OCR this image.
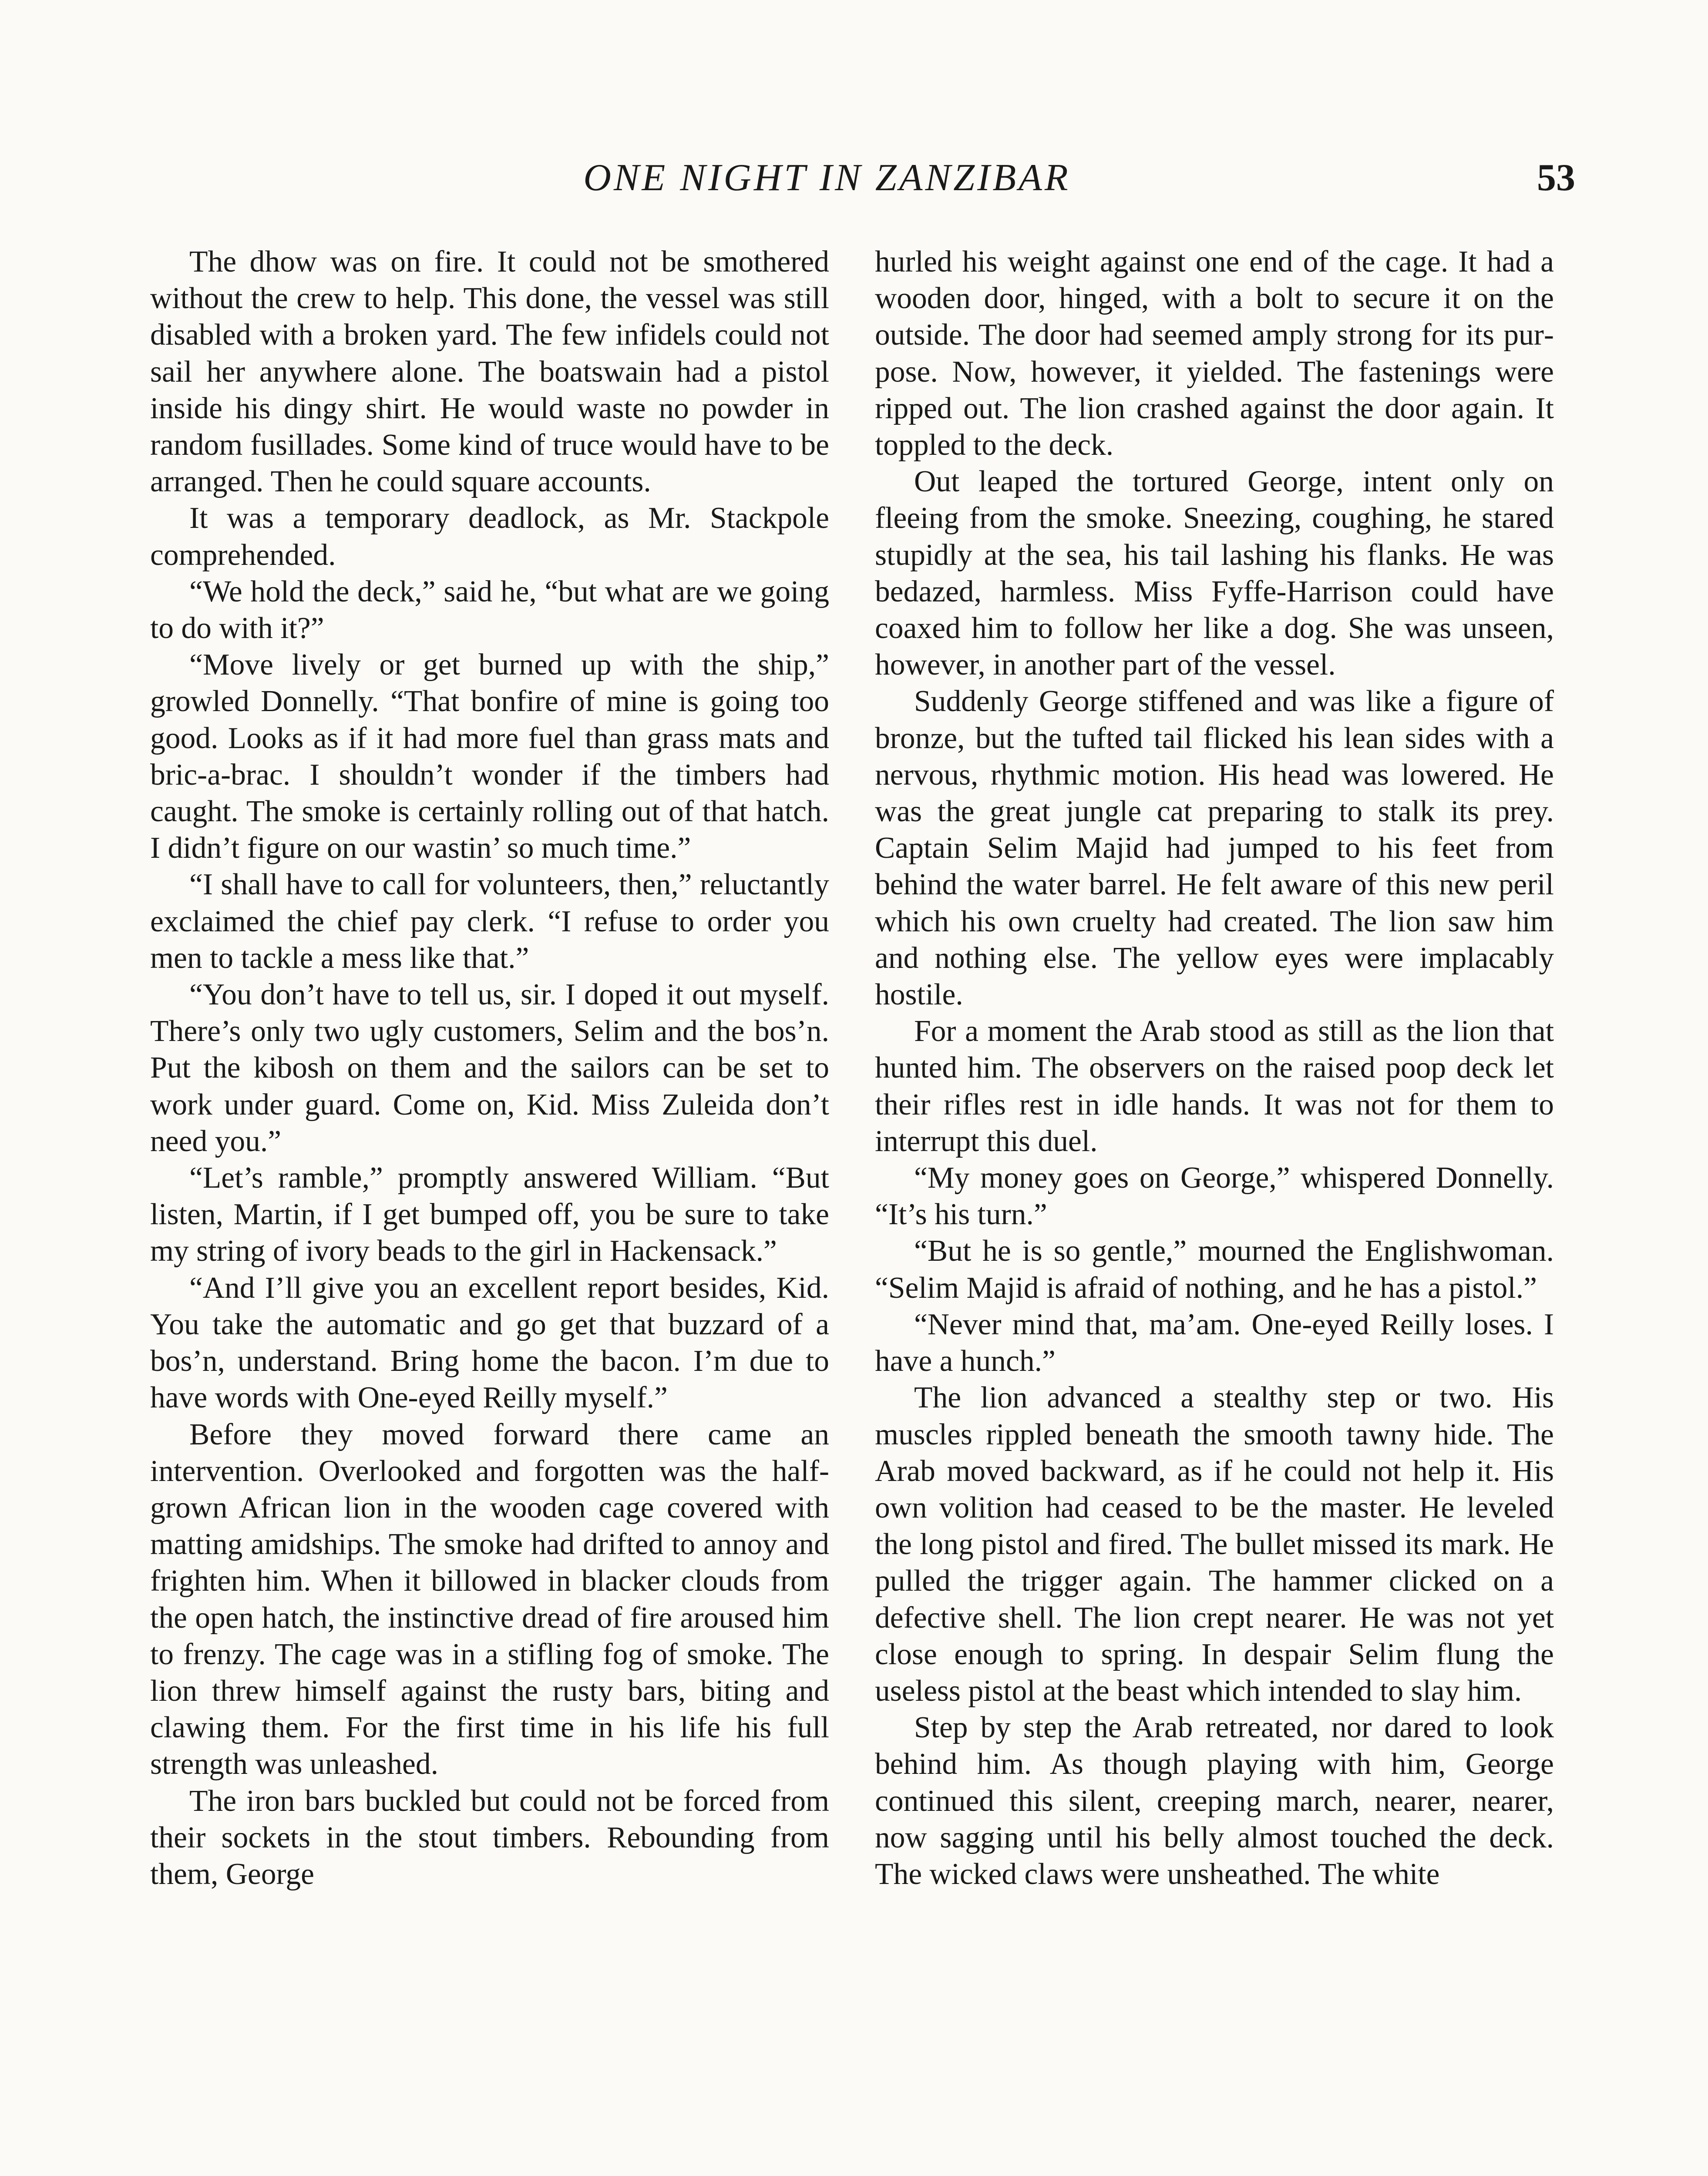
ONE NIGHT IN ZANZIBAR	53

The dhow was on fire. It could not be smothered without the crew to help. This done, the vessel was still disabled with a broken yard. The few infidels could not sail her anywhere alone. The boatswain had a pistol inside his dingy shirt. He would waste no powder in random fusillades. Some kind of truce would have to be arranged. Then he could square accounts.

It was a temporary deadlock, as Mr. Stackpole comprehended.

“We hold the deck,” said he, “but what are we going to do with it?”

“Move lively or get burned up with the ship,” growled Donnelly. “That bonfire of mine is going too good. Looks as if it had more fuel than grass mats and bric-a-brac. I shouldn’t wonder if the timbers had caught. The smoke is certainly rolling out of that hatch. I didn’t figure on our wastin’ so much time.”

“I shall have to call for volunteers, then,” reluctantly exclaimed the chief pay clerk. “I refuse to order you men to tackle a mess like that.”

“You don’t have to tell us, sir. I doped it out myself. There’s only two ugly customers, Selim and the bos’n. Put the kibosh on them and the sailors can be set to work under guard. Come on, Kid. Miss Zuleida don’t need you.”

“Let’s ramble,” promptly answered William. “But listen, Martin, if I get bumped off, you be sure to take my string of ivory beads to the girl in Hackensack.”

“And I’ll give you an excellent report besides, Kid. You take the automatic and go get that buzzard of a bos’n, understand. Bring home the bacon. I’m due to have words with One-eyed Reilly myself.”

Before they moved forward there came an intervention. Overlooked and forgotten was the half-grown African lion in the wooden cage covered with matting amidships. The smoke had drifted to annoy and frighten him. When it billowed in blacker clouds from the open hatch, the instinctive dread of fire aroused him to frenzy. The cage was in a stifling fog of smoke. The lion threw himself against the rusty bars, biting and clawing them. For the first time in his life his full strength was unleashed.

The iron bars buckled but could not be forced from their sockets in the stout timbers. Rebounding from them, George

hurled his weight against one end of the cage. It had a wooden door, hinged, with a bolt to secure it on the outside. The door had seemed amply strong for its purpose. Now, however, it yielded. The fastenings were ripped out. The lion crashed against the door again. It toppled to the deck.

Out leaped the tortured George, intent only on fleeing from the smoke. Sneezing, coughing, he stared stupidly at the sea, his tail lashing his flanks. He was bedazed, harmless. Miss Fyffe-Harrison could have coaxed him to follow her like a dog. She was unseen, however, in another part of the vessel.

Suddenly George stiffened and was like a figure of bronze, but the tufted tail flicked his lean sides with a nervous, rhythmic motion. His head was lowered. He was the great jungle cat preparing to stalk its prey. Captain Selim Majid had jumped to his feet from behind the water barrel. He felt aware of this new peril which his own cruelty had created. The lion saw him and nothing else. The yellow eyes were implacably hostile.

For a moment the Arab stood as still as the lion that hunted him. The observers on the raised poop deck let their rifles rest in idle hands. It was not for them to interrupt this duel.

“My money goes on George,” whispered Donnelly. “It’s his turn.”

“But he is so gentle,” mourned the Englishwoman. “Selim Majid is afraid of nothing, and he has a pistol.”

“Never mind that, ma’am. One-eyed Reilly loses. I have a hunch.”

The lion advanced a stealthy step or two. His muscles rippled beneath the smooth tawny hide. The Arab moved backward, as if he could not help it. His own volition had ceased to be the master. He leveled the long pistol and fired. The bullet missed its mark. He pulled the trigger again. The hammer clicked on a defective shell. The lion crept nearer. He was not yet close enough to spring. In despair Selim flung the useless pistol at the beast which intended to slay him.

Step by step the Arab retreated, nor dared to look behind him. As though playing with him, George continued this silent, creeping march, nearer, nearer, now sagging until his belly almost touched the deck. The wicked claws were unsheathed. The white
